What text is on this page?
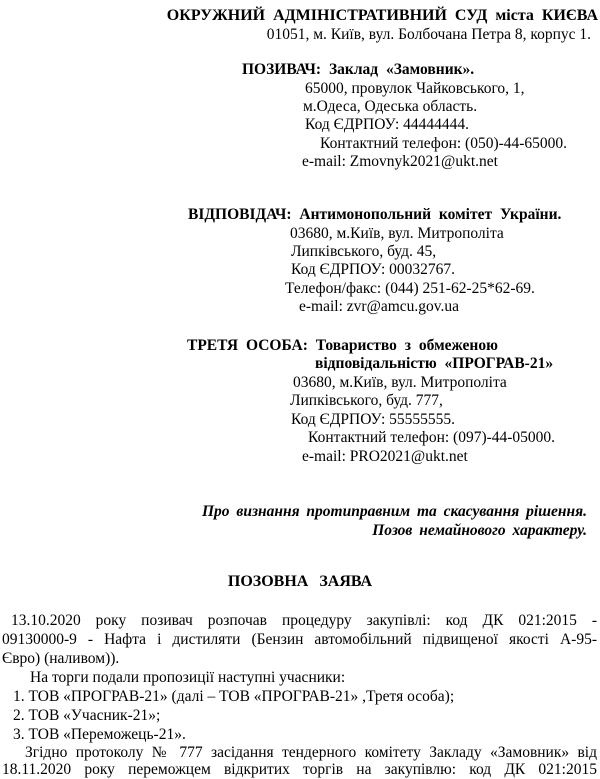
ОКРУЖНИЙ АДМІНІСТРАТИВНИЙ СУД міста КИЄВА
01051, м. Київ, вул. Болбочана Петра 8, корпус 1.
ПОЗИВАЧ: Заклад «Замовник».
65000, провулок Чайковського, 1,
м.Одеса, Одеська область.
Код ЄДРПОУ: 44444444.
Контактний телефон: (050)-44-65000.
e-mail: Zmovnyk2021@ukt.net
ВІДПОВІДАЧ: Антимонопольний комітет України.
03680, м.Київ, вул. Митрополіта
Липківського, буд. 45,
Код ЄДРПОУ: 00032767.
Телефон/факс: (044) 251-62-25*62-69.
e-mail: zvr@amcu.gov.ua
ТРЕТЯ ОСОБА: Товариство з обмеженою
відповідальністю «ПРОГРАВ-21»
03680, м.Київ, вул. Митрополіта
Липківського, буд. 777,
Код ЄДРПОУ: 55555555.
Контактний телефон: (097)-44-05000.
e-mail: PRO2021@ukt.net
Про визнання протиправним та скасування рішення.
Позов немайнового характеру.
ПОЗОВНА ЗАЯВА
13.10.2020 року позивач розпочав процедуру закупівлі: код ДК 021:2015 -
09130000-9 - Нафта і дистиляти (Бензин автомобільний підвищеної якості А-95-
Євро) (наливом)).
На торги подали пропозиції наступні учасники:
1. ТОВ «ПРОГРАВ-21» (далі – ТОВ «ПРОГРАВ-21» ,Третя особа);
2. ТОВ «Учасник-21»;
3. ТОВ «Переможець-21».
Згідно протоколу № 777 засідання тендерного комітету Закладу «Замовник» від
18.11.2020 року переможцем відкритих торгів на закупівлю: код ДК 021:2015
